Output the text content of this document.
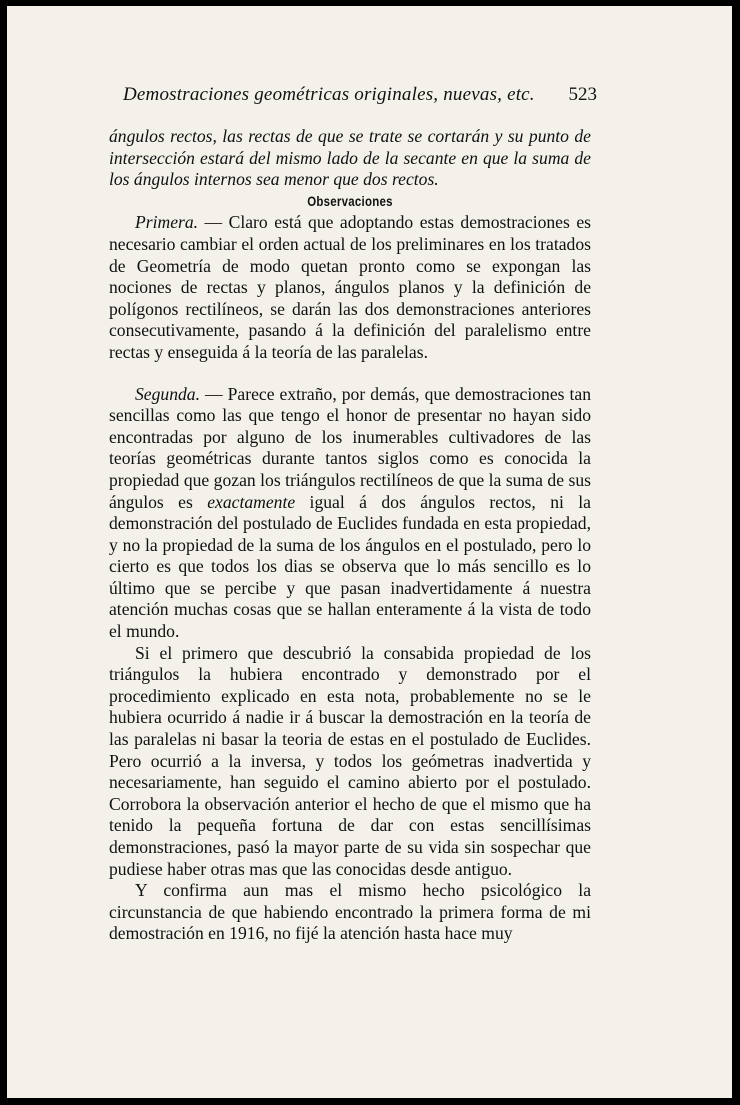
Demostraciones geométricas originales, nuevas, etc. 523

ángulos rectos, las rectas de que se trate se cortarán y su punto de intersección estará del mismo lado de la secante en que la suma de los ángulos internos sea menor que dos rectos.

Observaciones

Primera. — Claro está que adoptando estas demostraciones es necesario cambiar el orden actual de los preliminares en los tratados de Geometría de modo quetan pronto como se expongan las nociones de rectas y planos, ángulos planos y la definición de polígonos rectilíneos, se darán las dos demonstraciones anteriores consecutivamente, pasando á la definición del paralelismo entre rectas y enseguida á la teoría de las paralelas.

Segunda. — Parece extraño, por demás, que demostraciones tan sencillas como las que tengo el honor de presentar no hayan sido encontradas por alguno de los inumerables cultivadores de las teorías geométricas durante tantos siglos como es conocida la propiedad que gozan los triángulos rectilíneos de que la suma de sus ángulos es exactamente igual á dos ángulos rectos, ni la demonstración del postulado de Euclides fundada en esta propiedad, y no la propiedad de la suma de los ángulos en el postulado, pero lo cierto es que todos los dias se observa que lo más sencillo es lo último que se percibe y que pasan inadvertidamente á nuestra atención muchas cosas que se hallan enteramente á la vista de todo el mundo.

Si el primero que descubrió la consabida propiedad de los triángulos la hubiera encontrado y demonstrado por el procedimiento explicado en esta nota, probablemente no se le hubiera ocurrido á nadie ir á buscar la demostración en la teoría de las paralelas ni basar la teoria de estas en el postulado de Euclides. Pero ocurrió a la inversa, y todos los geómetras inadvertida y necesariamente, han seguido el camino abierto por el postulado. Corrobora la observación anterior el hecho de que el mismo que ha tenido la pequeña fortuna de dar con estas sencillísimas demonstraciones, pasó la mayor parte de su vida sin sospechar que pudiese haber otras mas que las conocidas desde antiguo.

Y confirma aun mas el mismo hecho psicológico la circunstancia de que habiendo encontrado la primera forma de mi demostración en 1916, no fijé la atención hasta hace muy
